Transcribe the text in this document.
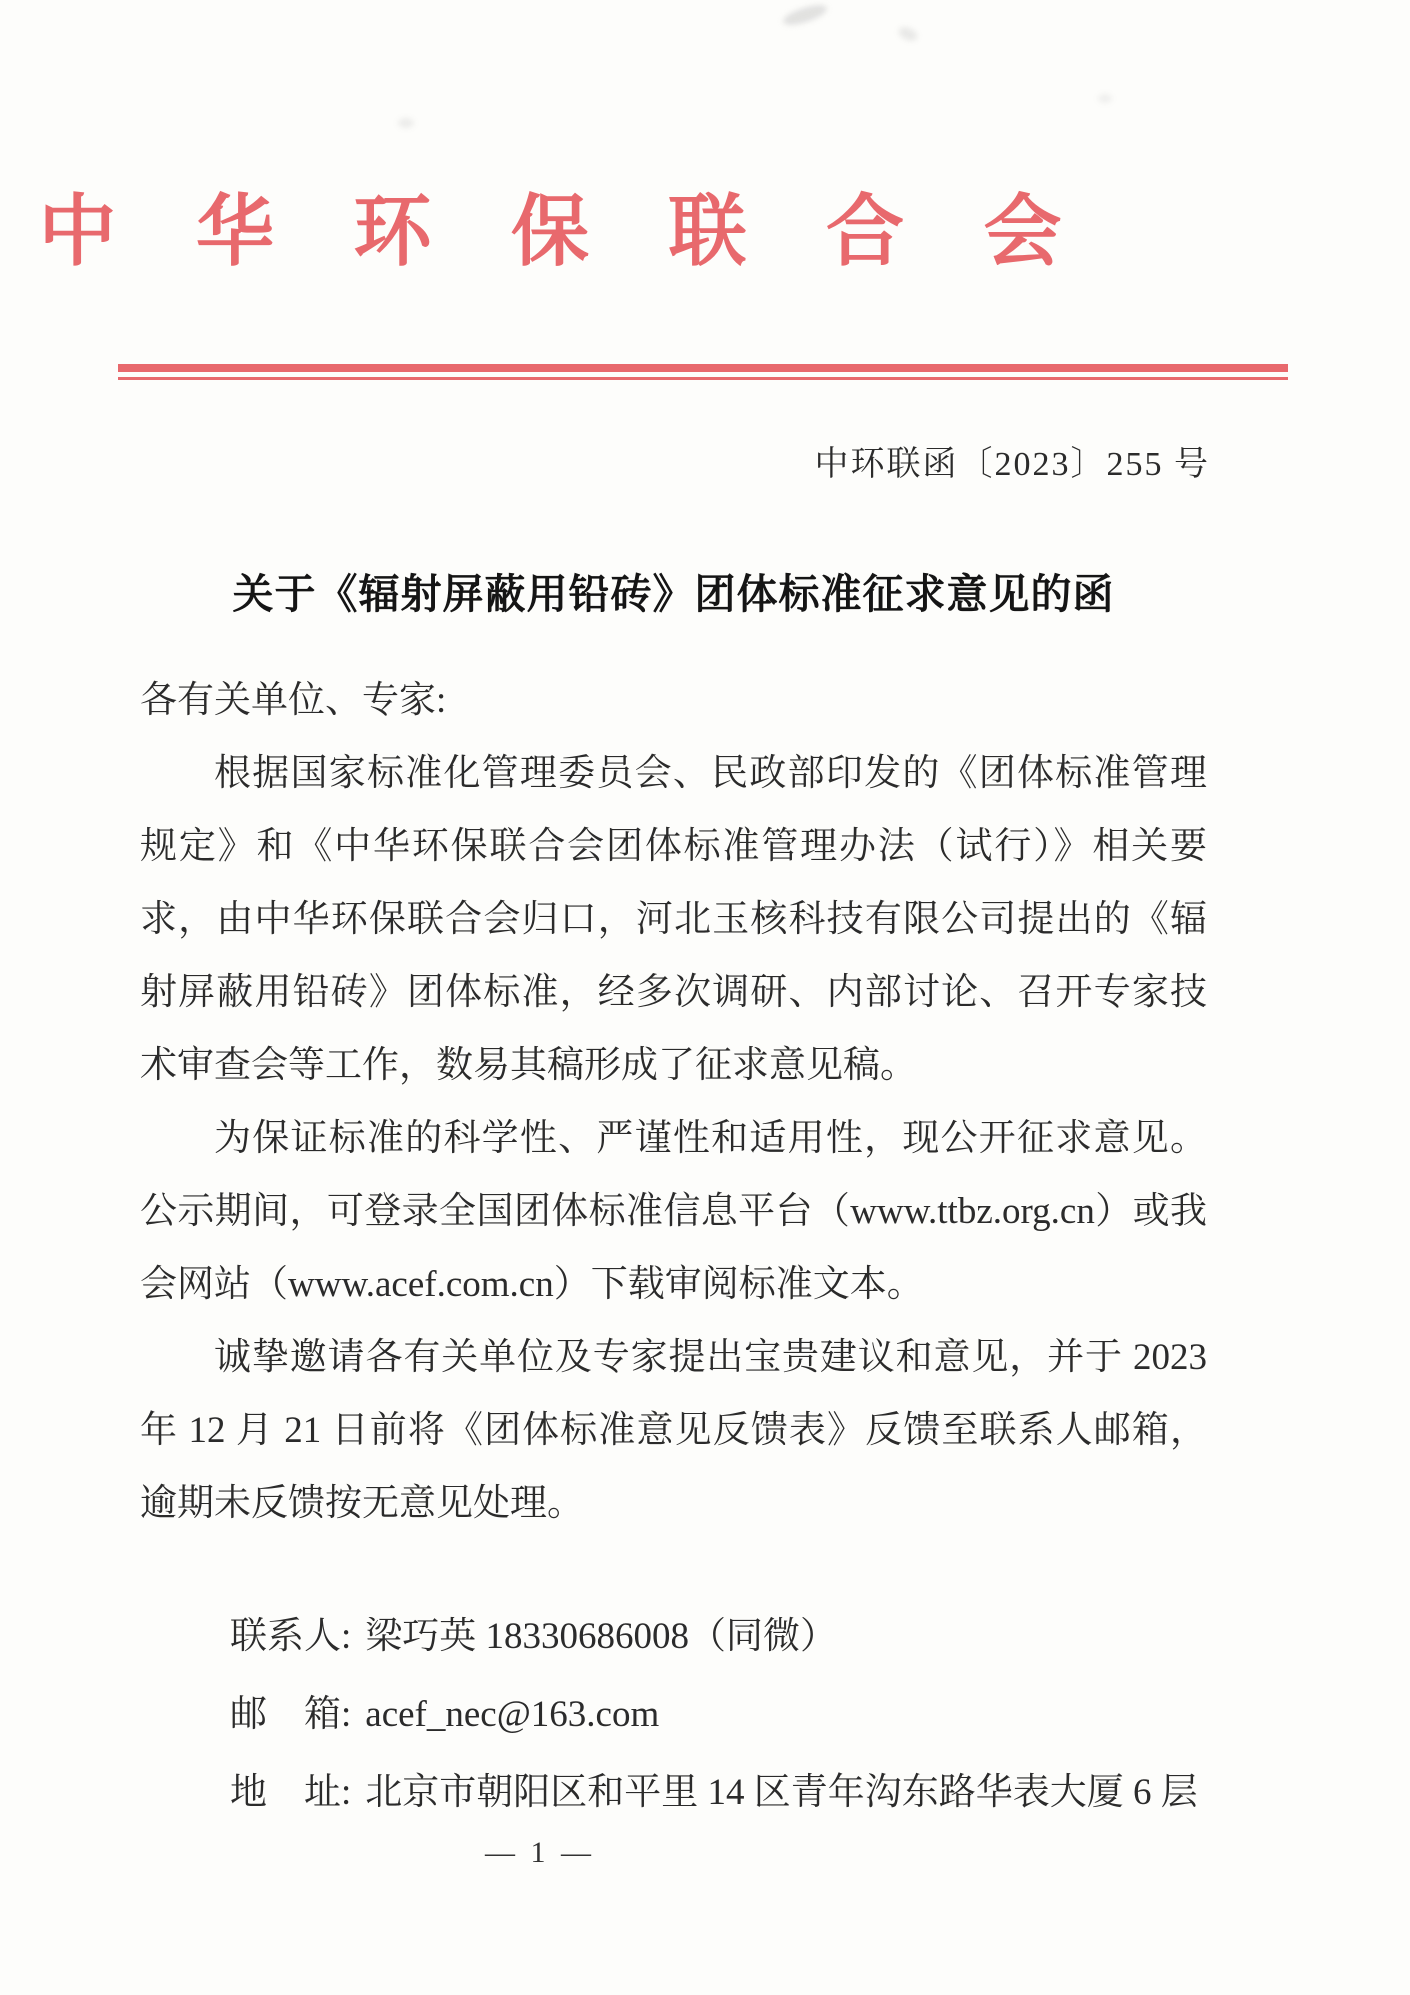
中 华 环 保 联 合 会
中环联函〔2023〕255 号
关于《辐射屏蔽用铅砖》团体标准征求意见的函

各有关单位、专家:

根据国家标准化管理委员会、民政部印发的《团体标准管理规定》和《中华环保联合会团体标准管理办法（试行）》相关要求，由中华环保联合会归口，河北玉核科技有限公司提出的《辐射屏蔽用铅砖》团体标准，经多次调研、内部讨论、召开专家技术审查会等工作，数易其稿形成了征求意见稿。

为保证标准的科学性、严谨性和适用性，现公开征求意见。公示期间，可登录全国团体标准信息平台（www.ttbz.org.cn）或我会网站（www.acef.com.cn）下载审阅标准文本。

诚挚邀请各有关单位及专家提出宝贵建议和意见，并于 2023 年 12 月 21 日前将《团体标准意见反馈表》反馈至联系人邮箱，逾期未反馈按无意见处理。

联系人: 梁巧英 18330686008（同微）

邮　箱: acef_nec@163.com

地　址: 北京市朝阳区和平里 14 区青年沟东路华表大厦 6 层

— 1 —
